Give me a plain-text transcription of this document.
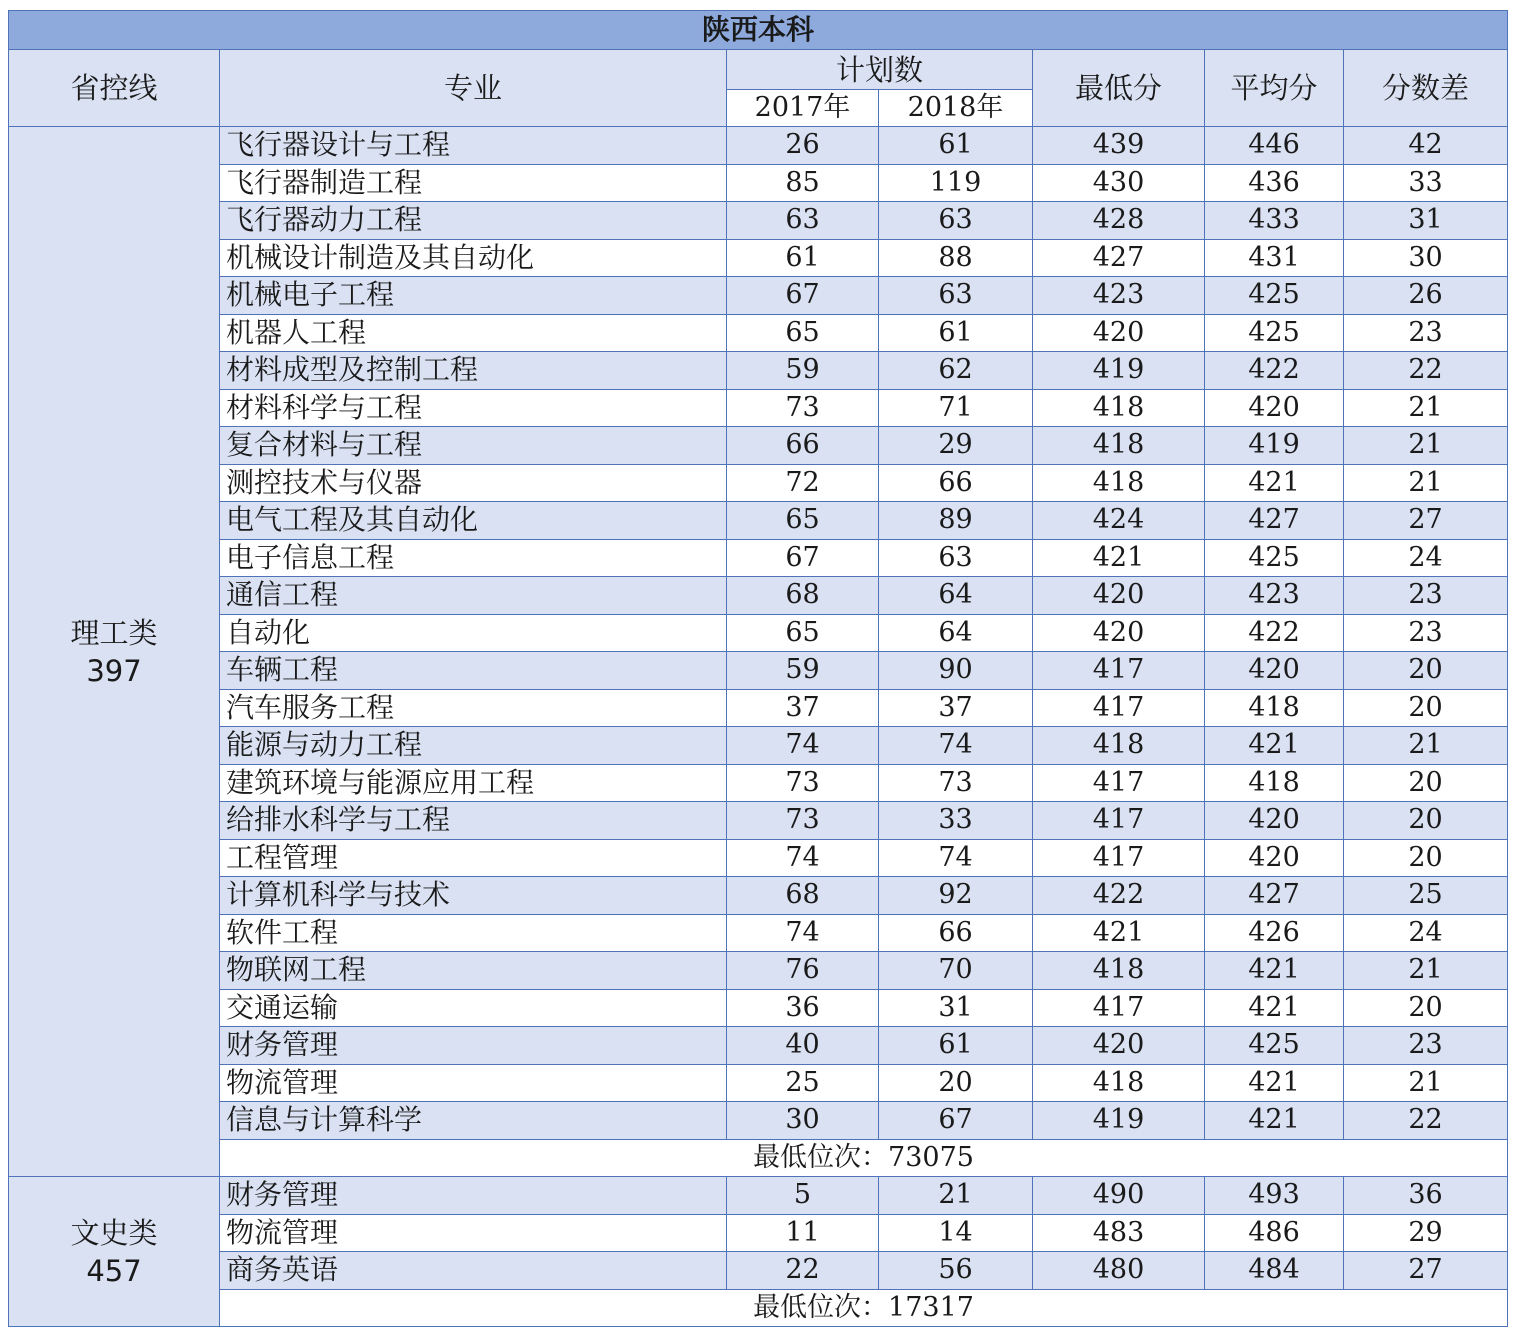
陕西本科						
省控线	专业	计划数		最低分	平均分	分数差
		2017年	2018年			

理工类
397	飞行器设计与工程	26	61	439	446	42
	飞行器制造工程	85	119	430	436	33
	飞行器动力工程	63	63	428	433	31
	机械设计制造及其自动化	61	88	427	431	30
	机械电子工程	67	63	423	425	26
	机器人工程	65	61	420	425	23
	材料成型及控制工程	59	62	419	422	22
	材料科学与工程	73	71	418	420	21
	复合材料与工程	66	29	418	419	21
	测控技术与仪器	72	66	418	421	21
	电气工程及其自动化	65	89	424	427	27
	电子信息工程	67	63	421	425	24
	通信工程	68	64	420	423	23
	自动化	65	64	420	422	23
	车辆工程	59	90	417	420	20
	汽车服务工程	37	37	417	418	20
	能源与动力工程	74	74	418	421	21
	建筑环境与能源应用工程	73	73	417	418	20
	给排水科学与工程	73	33	417	420	20
	工程管理	74	74	417	420	20
	计算机科学与技术	68	92	422	427	25
	软件工程	74	66	421	426	24
	物联网工程	76	70	418	421	21
	交通运输	36	31	417	421	20
	财务管理	40	61	420	425	23
	物流管理	25	20	418	421	21
	信息与计算科学	30	67	419	421	22
	最低位次：73075					

文史类
457	财务管理	5	21	490	493	36
	物流管理	11	14	483	486	29
	商务英语	22	56	480	484	27
	最低位次：17317					
